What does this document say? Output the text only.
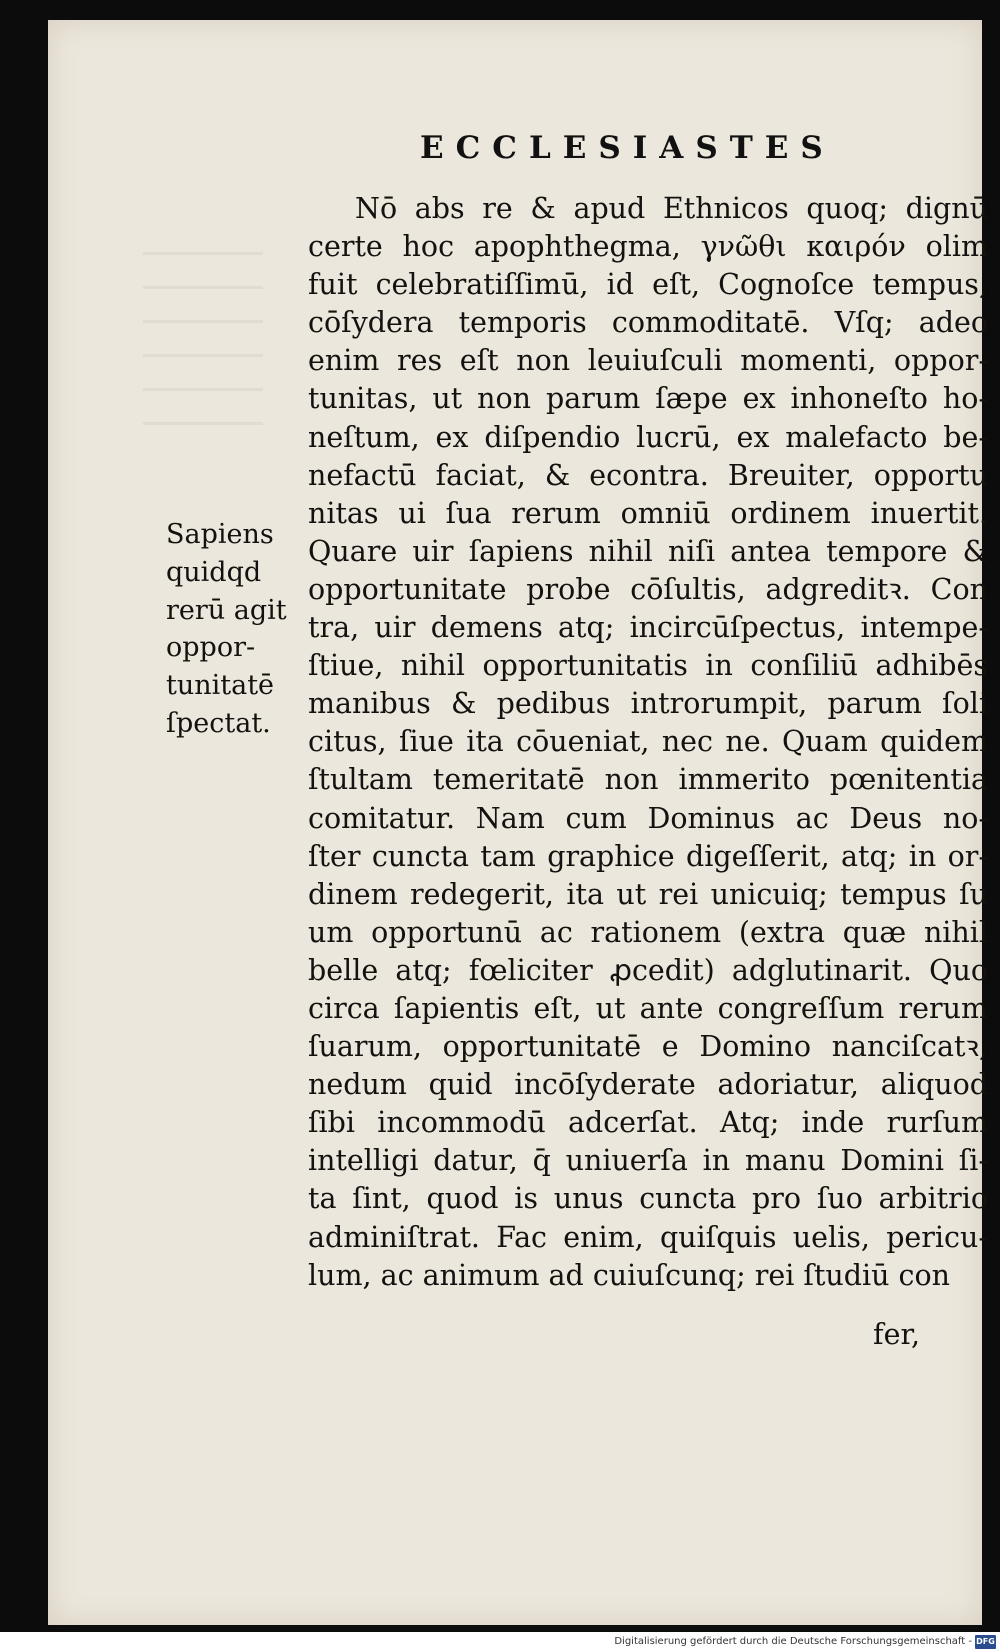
ECCLESIASTES
Nō abs re & apud Ethnicos quoq; dignū
certe hoc apophthegma, γνῶθι καιρόν olim
fuit celebratiſſimū, id eſt, Cognoſce tempus,
cōſydera temporis commoditatē. Vſq; adeo
enim res eſt non leuiuſculi momenti, oppor-
tunitas, ut non parum ſæpe ex inhoneſto ho-
neſtum, ex diſpendio lucrū, ex malefacto be-
nefactū faciat, & econtra. Breuiter, opportu
nitas ui ſua rerum omniū ordinem inuertit.
Quare uir ſapiens nihil niſi antea tempore &
opportunitate probe cōſultis, adgreditꝛ. Con
tra, uir demens atq; incircūſpectus, intempe-
ſtiue, nihil opportunitatis in conſiliū adhibēs
manibus & pedibus introrumpit, parum ſoli
citus, ſiue ita cōueniat, nec ne. Quam quidem
ſtultam temeritatē non immerito pœnitentia
comitatur. Nam cum Dominus ac Deus no-
ſter cuncta tam graphice digeſſerit, atq; in or-
dinem redegerit, ita ut rei unicuiq; tempus ſu
um opportunū ac rationem (extra quæ nihil
belle atq; fœliciter ꝓcedit) adglutinarit. Quo
circa ſapientis eſt, ut ante congreſſum rerum
ſuarum, opportunitatē e Domino nanciſcatꝛ,
nedum quid incōſyderate adoriatur, aliquod
ſibi incommodū adcerſat. Atq; inde rurſum
intelligi datur, q̄ uniuerſa in manu Domini ſi-
ta ſint, quod is unus cuncta pro ſuo arbitrio
adminiſtrat. Fac enim, quiſquis uelis, pericu-
lum, ac animum ad cuiuſcunq; rei ſtudiū con
fer,
Sapiens
quidqd
rerū agit
oppor-
tunitatē
ſpectat.
Digitalisierung gefördert durch die Deutsche Forschungsgemeinschaft - DFG
